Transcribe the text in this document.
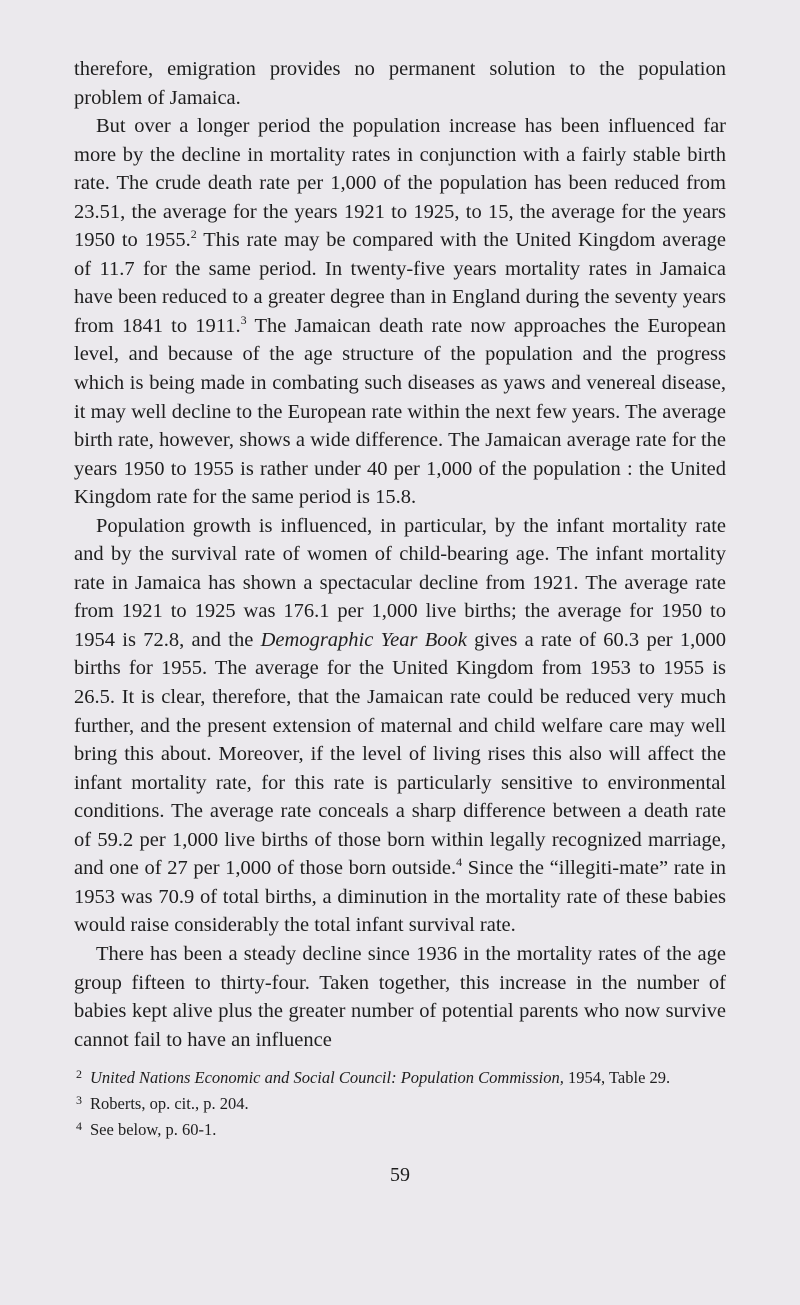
therefore, emigration provides no permanent solution to the population problem of Jamaica.

But over a longer period the population increase has been influenced far more by the decline in mortality rates in conjunction with a fairly stable birth rate. The crude death rate per 1,000 of the population has been reduced from 23.51, the average for the years 1921 to 1925, to 15, the average for the years 1950 to 1955.$^2$ This rate may be compared with the United Kingdom average of 11.7 for the same period. In twenty-five years mortality rates in Jamaica have been reduced to a greater degree than in England during the seventy years from 1841 to 1911.$^3$ The Jamaican death rate now approaches the European level, and because of the age structure of the population and the progress which is being made in combating such diseases as yaws and venereal disease, it may well decline to the European rate within the next few years. The average birth rate, however, shows a wide difference. The Jamaican average rate for the years 1950 to 1955 is rather under 40 per 1,000 of the population : the United Kingdom rate for the same period is 15.8.

Population growth is influenced, in particular, by the infant mortality rate and by the survival rate of women of child-bearing age. The infant mortality rate in Jamaica has shown a spectacular decline from 1921. The average rate from 1921 to 1925 was 176.1 per 1,000 live births; the average for 1950 to 1954 is 72.8, and the Demographic Year Book gives a rate of 60.3 per 1,000 births for 1955. The average for the United Kingdom from 1953 to 1955 is 26.5. It is clear, therefore, that the Jamaican rate could be reduced very much further, and the present extension of maternal and child welfare care may well bring this about. Moreover, if the level of living rises this also will affect the infant mortality rate, for this rate is particularly sensitive to environmental conditions. The average rate conceals a sharp difference between a death rate of 59.2 per 1,000 live births of those born within legally recognized marriage, and one of 27 per 1,000 of those born outside.$^4$ Since the “illegiti-mate” rate in 1953 was 70.9 of total births, a diminution in the mortality rate of these babies would raise considerably the total infant survival rate.

There has been a steady decline since 1936 in the mortality rates of the age group fifteen to thirty-four. Taken together, this increase in the number of babies kept alive plus the greater number of potential parents who now survive cannot fail to have an influence

$^2$ United Nations Economic and Social Council: Population Commission, 1954, Table 29.

$^3$ Roberts, op. cit., p. 204.

$^4$ See below, p. 60-1.

59
